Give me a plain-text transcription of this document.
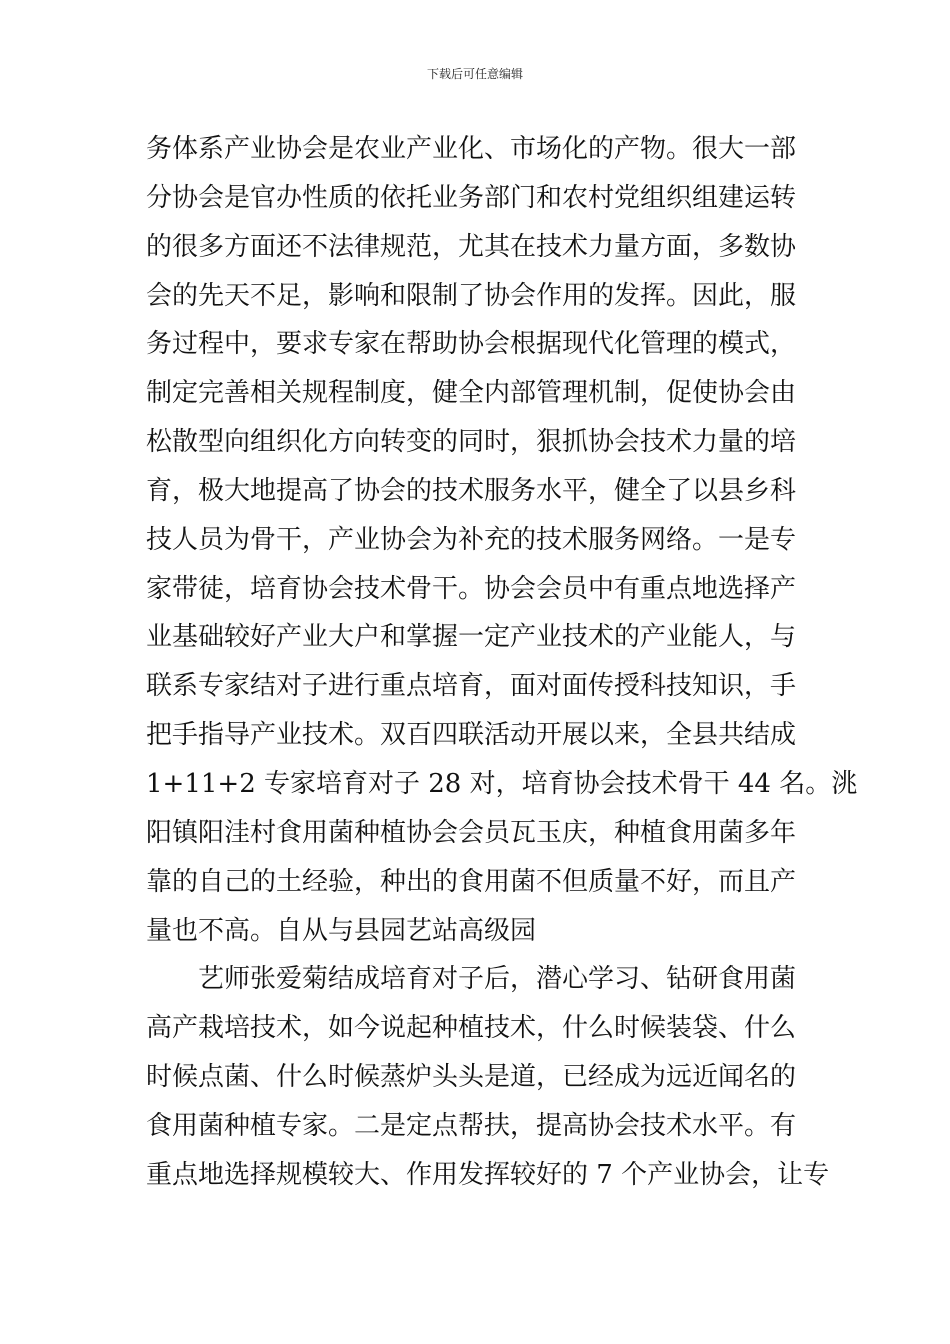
下载后可任意编辑
务体系产业协会是农业产业化、市场化的产物。很大一部
分协会是官办性质的依托业务部门和农村党组织组建运转
的很多方面还不法律规范，尤其在技术力量方面，多数协
会的先天不足，影响和限制了协会作用的发挥。因此，服
务过程中，要求专家在帮助协会根据现代化管理的模式，
制定完善相关规程制度，健全内部管理机制，促使协会由
松散型向组织化方向转变的同时，狠抓协会技术力量的培
育，极大地提高了协会的技术服务水平，健全了以县乡科
技人员为骨干，产业协会为补充的技术服务网络。一是专
家带徒，培育协会技术骨干。协会会员中有重点地选择产
业基础较好产业大户和掌握一定产业技术的产业能人，与
联系专家结对子进行重点培育，面对面传授科技知识，手
把手指导产业技术。双百四联活动开展以来，全县共结成
1+11+2 专家培育对子 28 对，培育协会技术骨干 44 名。洮
阳镇阳洼村食用菌种植协会会员瓦玉庆，种植食用菌多年
靠的自己的土经验，种出的食用菌不但质量不好，而且产
量也不高。自从与县园艺站高级园
艺师张爱菊结成培育对子后，潜心学习、钻研食用菌
高产栽培技术，如今说起种植技术，什么时候装袋、什么
时候点菌、什么时候蒸炉头头是道，已经成为远近闻名的
食用菌种植专家。二是定点帮扶，提高协会技术水平。有
重点地选择规模较大、作用发挥较好的 7 个产业协会，让专
